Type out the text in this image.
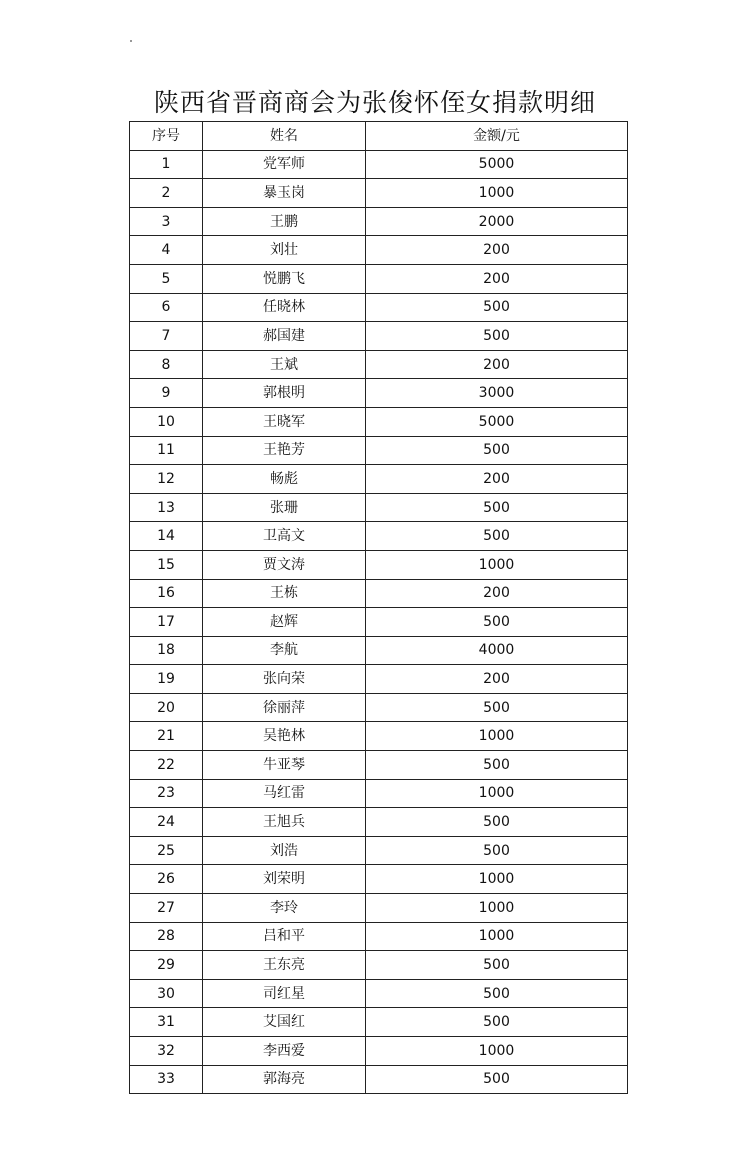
陕西省晋商商会为张俊怀侄女捐款明细
序号	姓名	金额/元
1	党军师	5000
2	暴玉岗	1000
3	王鹏	2000
4	刘壮	200
5	悦鹏飞	200
6	任晓林	500
7	郝国建	500
8	王斌	200
9	郭根明	3000
10	王晓军	5000
11	王艳芳	500
12	畅彪	200
13	张珊	500
14	卫高文	500
15	贾文涛	1000
16	王栋	200
17	赵辉	500
18	李航	4000
19	张向荣	200
20	徐丽萍	500
21	吴艳林	1000
22	牛亚琴	500
23	马红雷	1000
24	王旭兵	500
25	刘浩	500
26	刘荣明	1000
27	李玲	1000
28	吕和平	1000
29	王东亮	500
30	司红星	500
31	艾国红	500
32	李西爱	1000
33	郭海亮	500
